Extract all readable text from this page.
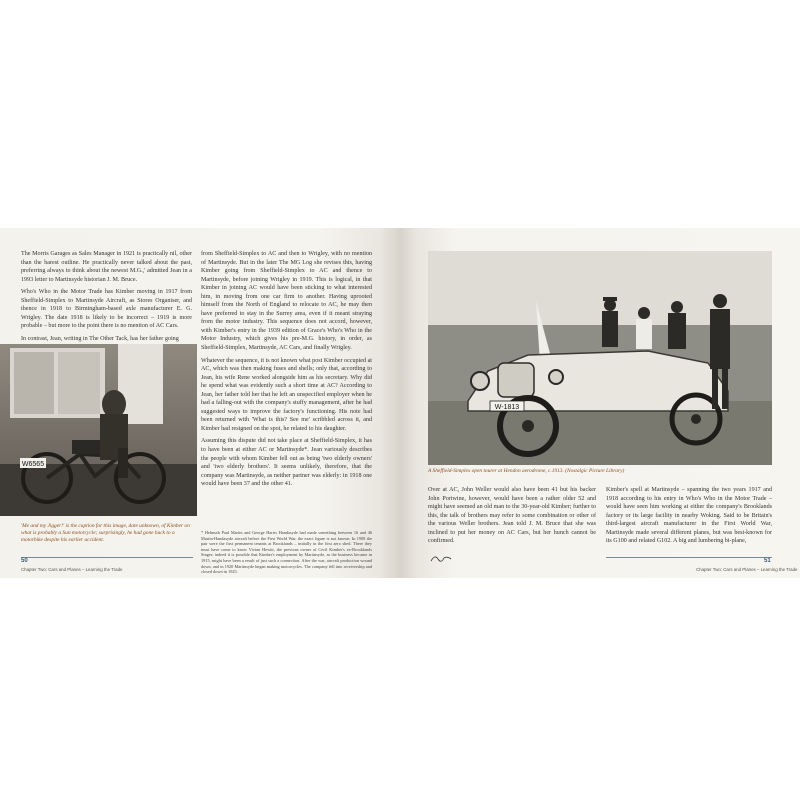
The Morris Garages as Sales Manager in 1921 is practically nil, other than the barest outline. He practically never talked about the past, preferring always to think about the newest M.G.,' admitted Jean in a 1993 letter to Martinsyde historian J. M. Bruce.

Who's Who in the Motor Trade has Kimber moving in 1917 from Sheffield-Simplex to Martinsyde Aircraft, as Stores Organiser, and thence in 1918 to Birmingham-based axle manufacturer E. G. Wrigley. The date 1918 is likely to be incorrect – 1919 is more probable – but more to the point there is no mention of AC Cars.

In contrast, Jean, writing in The Other Tack, has her father going

W6565
'Me and my Jigger!' is the caption for this image, date unknown, of Kimber on what is probably a Sun motorcycle; surprisingly, he had gone back to a motorbike despite his earlier accident.

from Sheffield-Simplex to AC and then to Wrigley, with no mention of Martinsyde. But in the later The MG Log she revises this, having Kimber going from Sheffield-Simplex to AC and thence to Martinsyde, before joining Wrigley in 1919. This is logical, in that Kimber in joining AC would have been sticking to what interested him, in moving from one car firm to another. Having uprooted himself from the North of England to relocate to AC, he may then have preferred to stay in the Surrey area, even if it meant straying from the motor industry. This sequence does not accord, however, with Kimber's entry in the 1939 edition of Grace's Who's Who in the Motor Industry, which gives his pre-M.G. history, in order, as Sheffield-Simplex, Martinsyde, AC Cars, and finally Wrigley.

Whatever the sequence, it is not known what post Kimber occupied at AC, which was then making fuses and shells; only that, according to Jean, his wife Rene worked alongside him as his secretary. Why did he spend what was evidently such a short time at AC? According to Jean, her father told her that he left an unspecified employer when he had a falling-out with the company's stuffy management, after he had suggested ways to improve the factory's functioning. His note had been returned with 'What is this? See me' scribbled across it, and Kimber had resigned on the spot, he related to his daughter.

Assuming this dispute did not take place at Sheffield-Simplex, it has to have been at either AC or Martinsyde*. Jean variously describes the people with whom Kimber fell out as being 'two elderly owners' and 'two elderly brothers'. It seems unlikely, therefore, that the company was Martinsyde, as neither partner was elderly: in 1918 one would have been 37 and the other 41.

* Helmuth Paul Martin and George Harris Handasyde had made something between 16 and 46 Martin-Handasyde aircraft before the First World War, the exact figure is not known. In 1908 the pair were the first permanent tenants at Brooklands – initially in the first aero shed. There they must have come to know Vivian Hewitt, the previous owner of Cecil Kimber's ex-Brooklands Singer; indeed it is possible that Kimber's employment by Martinsyde, as the business became in 1915, might have been a result of just such a connection. After the war, aircraft production wound down, and in 1920 Martinsyde began making motorcycles. The company fell into receivership and closed down in 1925.
50
Chapter Two: Cars and Planes – Learning the Trade
W-1813
A Sheffield-Simplex open tourer at Hendon aerodrome, c.1913. (Nostalgic Picture Library)

Over at AC, John Weller would also have been 41 but his backer John Portwine, however, would have been a rather older 52 and might have seemed an old man to the 30-year-old Kimber; further to this, the talk of brothers may refer to some combination or other of the various Weller brothers. Jean told J. M. Bruce that she was inclined to put her money on AC Cars, but her hunch cannot be confirmed.

Kimber's spell at Martinsyde – spanning the two years 1917 and 1918 according to his entry in Who's Who in the Motor Trade – would have seen him working at either the company's Brooklands factory or its large facility in nearby Woking. Said to be Britain's third-largest aircraft manufacturer in the First World War, Martinsyde made several different planes, but was best-known for its G100 and related G102. A big and lumbering bi-plane,

51
Chapter Two: Cars and Planes – Learning the Trade
